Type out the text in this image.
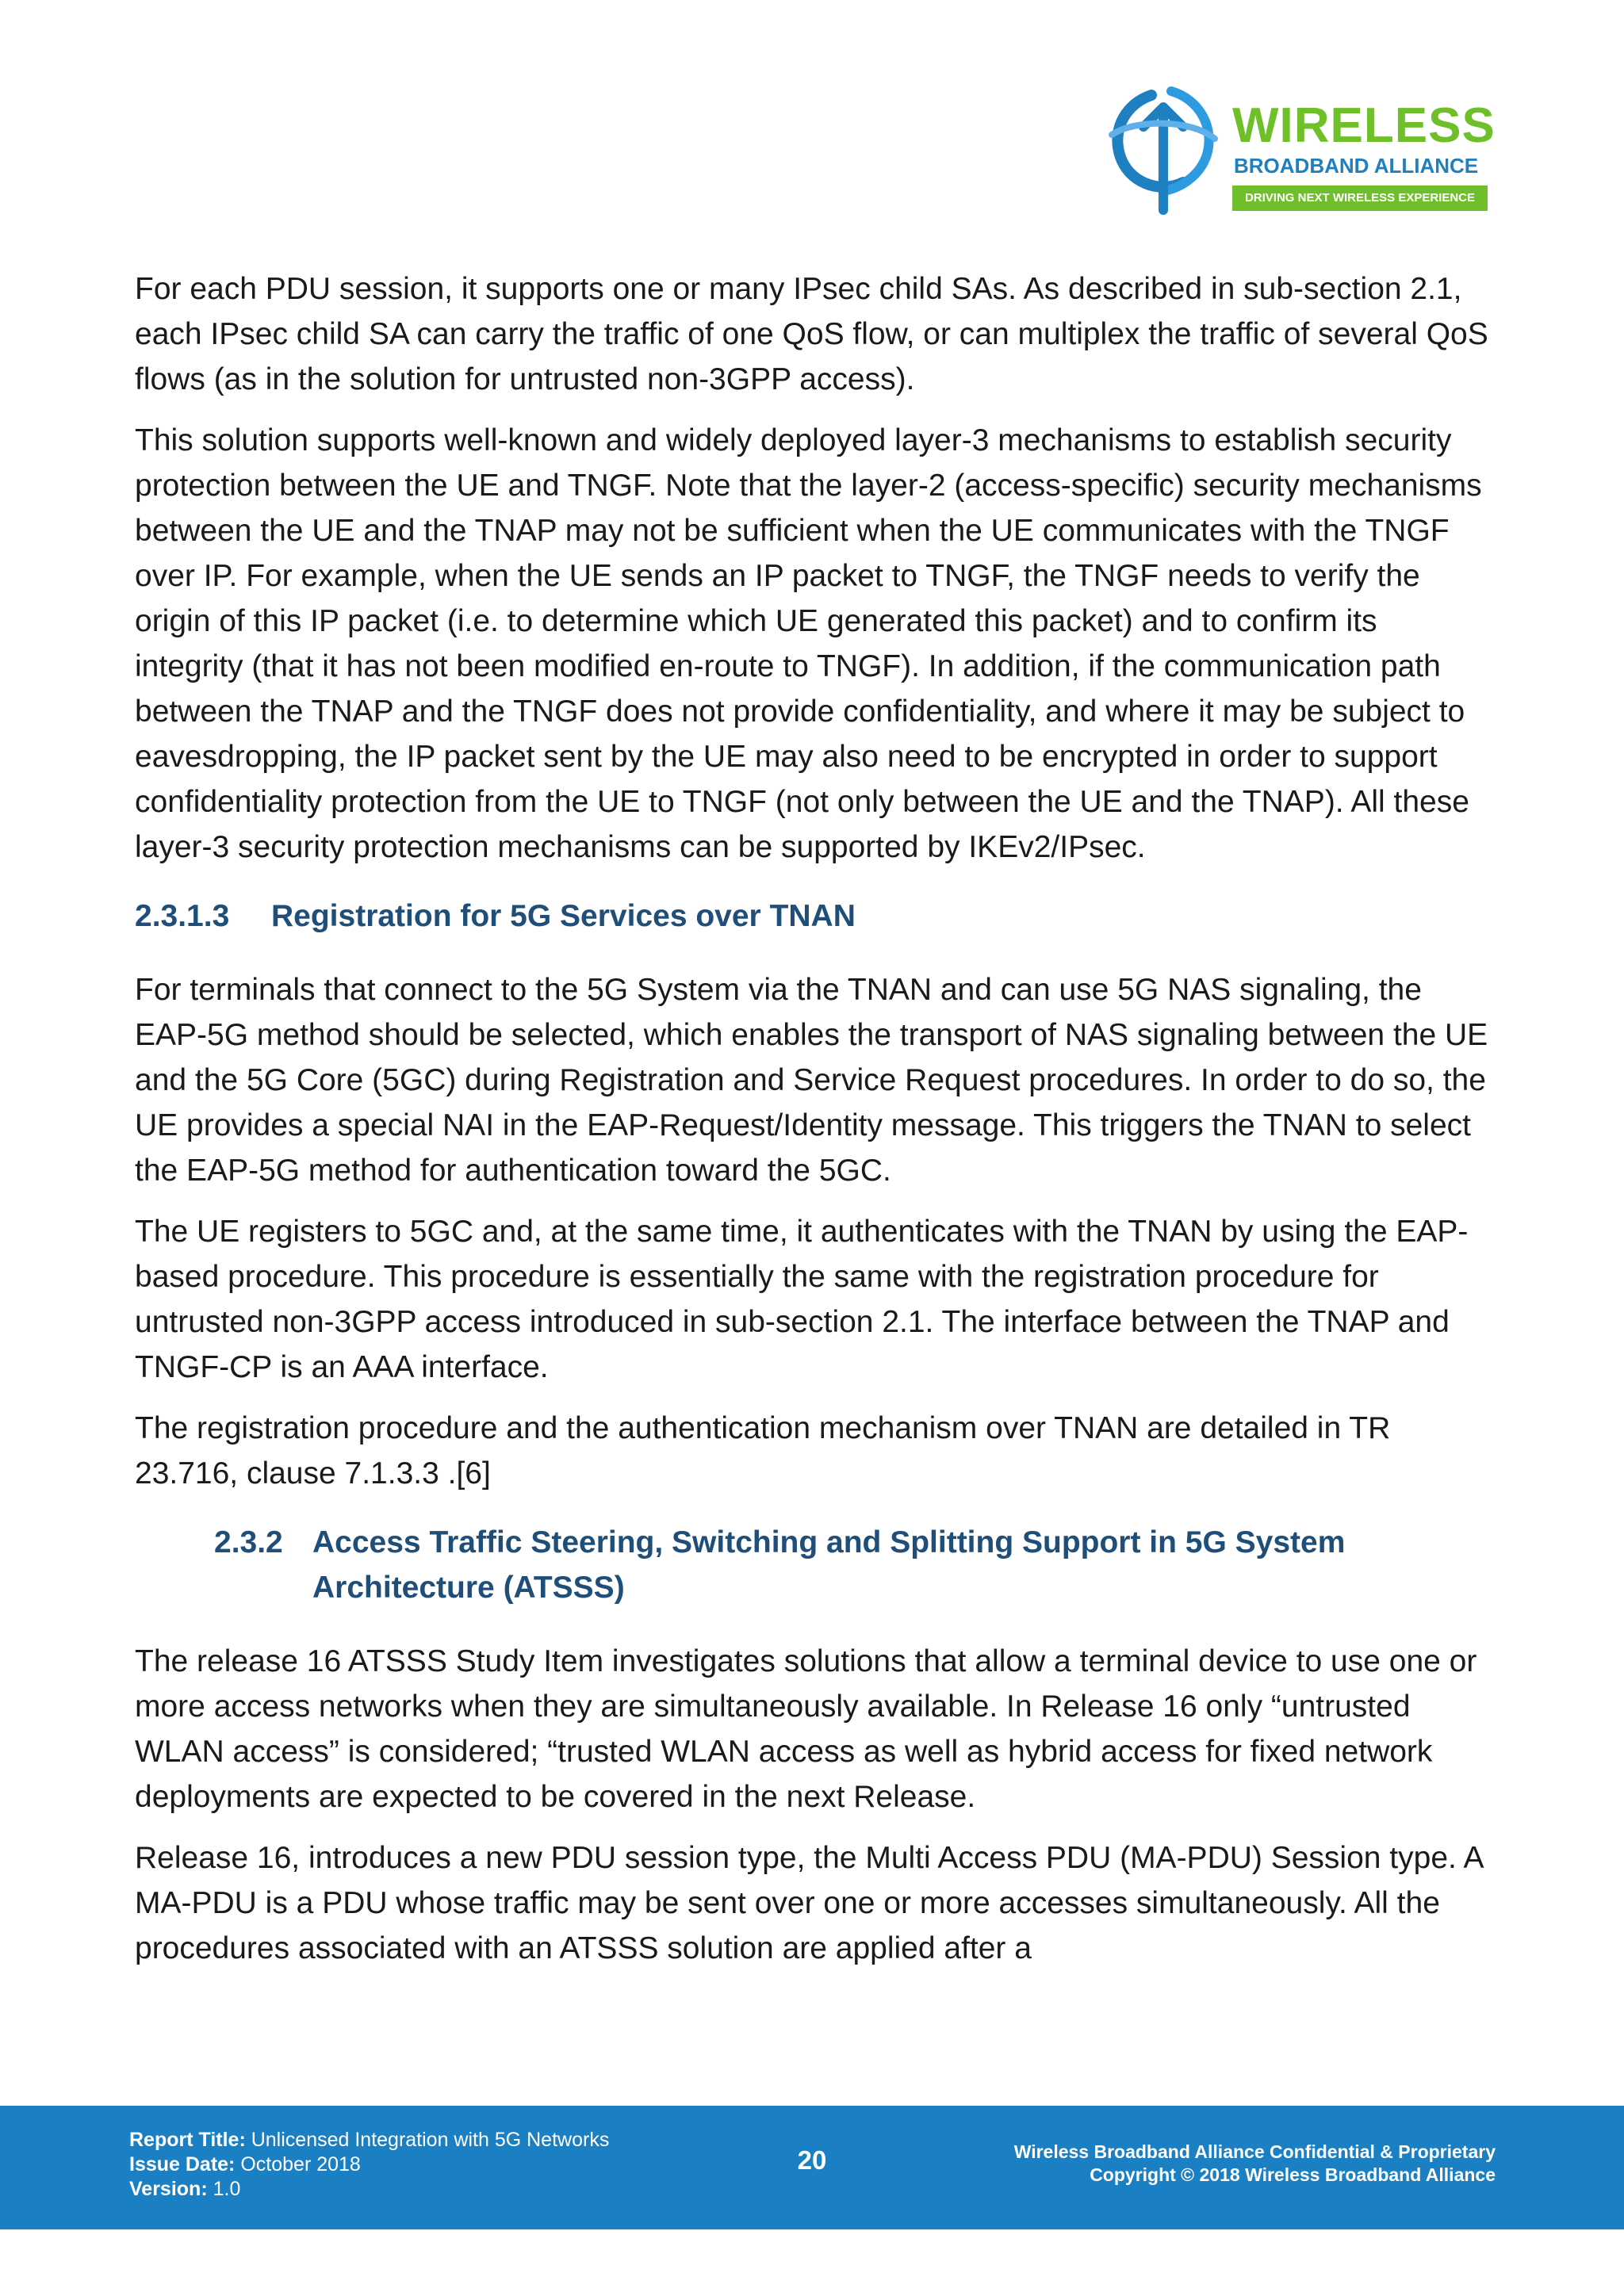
WIRELESS
BROADBAND ALLIANCE
DRIVING NEXT WIRELESS EXPERIENCE

For each PDU session, it supports one or many IPsec child SAs. As described in sub-section 2.1, each IPsec child SA can carry the traffic of one QoS flow, or can multiplex the traffic of several QoS flows (as in the solution for untrusted non-3GPP access).

This solution supports well-known and widely deployed layer-3 mechanisms to establish security protection between the UE and TNGF. Note that the layer-2 (access-specific) security mechanisms between the UE and the TNAP may not be sufficient when the UE communicates with the TNGF over IP. For example, when the UE sends an IP packet to TNGF, the TNGF needs to verify the origin of this IP packet (i.e. to determine which UE generated this packet) and to confirm its integrity (that it has not been modified en-route to TNGF). In addition, if the communication path between the TNAP and the TNGF does not provide confidentiality, and where it may be subject to eavesdropping, the IP packet sent by the UE may also need to be encrypted in order to support confidentiality protection from the UE to TNGF (not only between the UE and the TNAP). All these layer-3 security protection mechanisms can be supported by IKEv2/IPsec.

2.3.1.3	Registration for 5G Services over TNAN

For terminals that connect to the 5G System via the TNAN and can use 5G NAS signaling, the EAP-5G method should be selected, which enables the transport of NAS signaling between the UE and the 5G Core (5GC) during Registration and Service Request procedures. In order to do so, the UE provides a special NAI in the EAP-Request/Identity message. This triggers the TNAN to select the EAP-5G method for authentication toward the 5GC.

The UE registers to 5GC and, at the same time, it authenticates with the TNAN by using the EAP-based procedure. This procedure is essentially the same with the registration procedure for untrusted non-3GPP access introduced in sub-section 2.1. The interface between the TNAP and TNGF-CP is an AAA interface.

The registration procedure and the authentication mechanism over TNAN are detailed in TR 23.716, clause 7.1.3.3 .[6]

2.3.2 Access Traffic Steering, Switching and Splitting Support in 5G System Architecture (ATSSS)

The release 16 ATSSS Study Item investigates solutions that allow a terminal device to use one or more access networks when they are simultaneously available. In Release 16 only “untrusted WLAN access” is considered; “trusted WLAN access as well as hybrid access for fixed network deployments are expected to be covered in the next Release.

Release 16, introduces a new PDU session type, the Multi Access PDU (MA-PDU) Session type. A MA-PDU is a PDU whose traffic may be sent over one or more accesses simultaneously. All the procedures associated with an ATSSS solution are applied after a

Report Title: Unlicensed Integration with 5G Networks
Issue Date: October 2018
Version: 1.0
20	Wireless Broadband Alliance Confidential & Proprietary
Copyright © 2018 Wireless Broadband Alliance
